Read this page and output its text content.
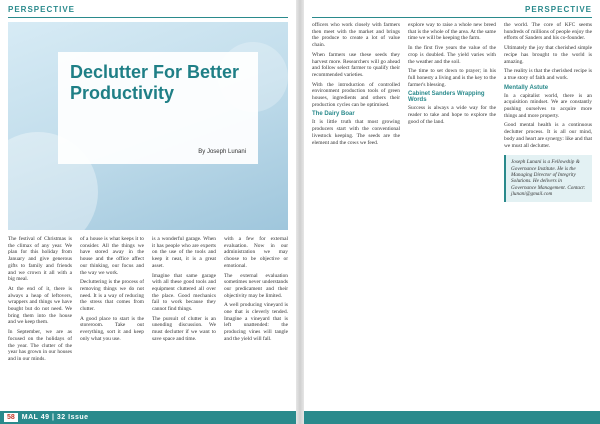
PERSPECTIVE
Declutter For Better Productivity
By Joseph Lunani

The festival of Christmas is the climax of any year. We plan for this holiday from January and give generous gifts to family and friends and we crown it all with a big meal.

At the end of it, there is always a heap of leftovers, wrappers and things we have bought but do not need. We bring them into the house and we keep them.

In September, we are as focused on the holidays of the year. The clutter of the year has grown in our houses and in our minds.

of a house is what keeps it to consider. All the things we have stored away in the house and the office affect our thinking, our focus and the way we work.

Decluttering is the process of removing things we do not need. It is a way of reducing the stress that comes from clutter.

A good place to start is the storeroom. Take out everything, sort it and keep only what you use.

is a wonderful garage. When it has people who are experts on the use of the tools and keep it neat, it is a great asset.

Imagine that same garage with all these good tools and equipment cluttered all over the place. Good mechanics fail to work because they cannot find things.

The pursuit of clutter is an unending discussion. We must declutter if we want to save space and time.

with a few for external evaluation. Now in our administration we may choose to be objective or emotional.

The external evaluation sometimes never understands our predicament and their objectivity may be limited.

A well producing vineyard is one that is cleverly tended. Imagine a vineyard that is left unattended: the producing vines will tangle and the yield will fall.

58	MAL 49 | 32 Issue
PERSPECTIVE

officers who work closely with farmers then meet with the market and brings the produce to create a lot of value chain.

When farmers use these seeds they harvest more. Researchers will go ahead and follow select farmer to qualify their recommended varieties.

With the introduction of controlled environment production tools of green houses, ingredients and others their production cycles can be optimised.

The Dairy Boar

It is little truth that most growing producers start with the conventional livestock keeping. The seeds are the element and the cows we feed.

explore way to raise a whole new breed that is the whole of the area. At the same time we will be keeping the farm.

In the first five years the value of the crop is doubled. The yield varies with the weather and the soil.

The time to set down to prayer; in his full honesty a living and is the key to the farmer's blessing.

Cabinet Sanders Wrapping Words

Success is always a wide way for the reader to take and hope to explore the good of the land.

the world. The core of KFC seems hundreds of millions of people enjoy the efforts of Sanders and his co-founder.

Ultimately the joy that cherished simple recipe has brought to the world is amazing.

The reality is that the cherished recipe is a true story of faith and work.

Mentally Astute

In a capitalist world, there is an acquisition mindset. We are constantly pushing ourselves to acquire more things and more property.

Good mental health is a continuous declutter process. It is all our mind, body and heart are synergy: like and that we must all declutter.

Joseph Lunani is a Fellowship & Governance Institute. He is the Managing Director of Integrity Solutions. He delivers in Governance Management. Contact: jlunani@gmail.com
